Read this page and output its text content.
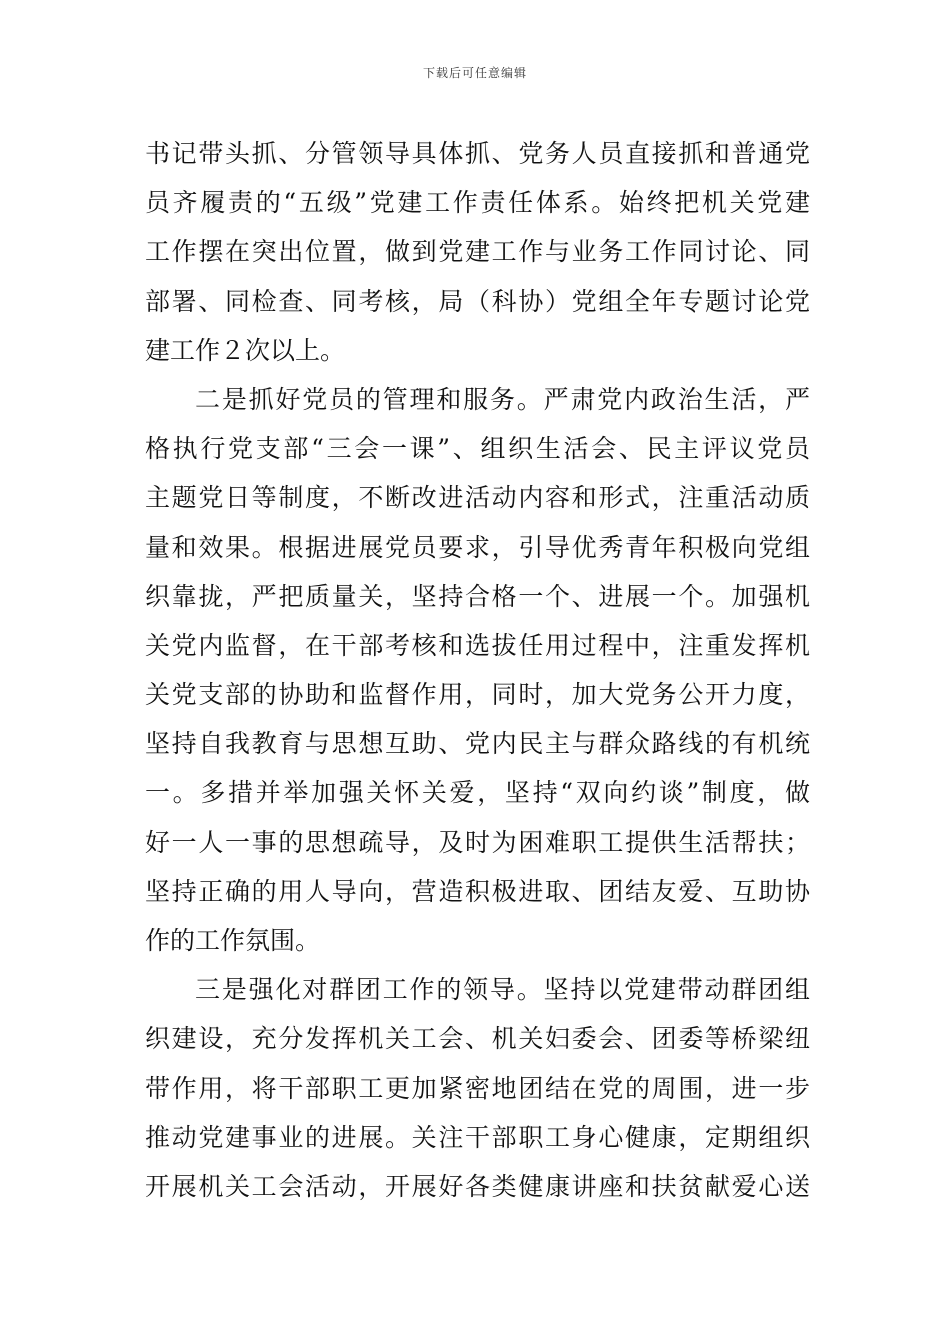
下载后可任意编辑
书记带头抓、分管领导具体抓、党务人员直接抓和普通党
员齐履责的“五级”党建工作责任体系。始终把机关党建
工作摆在突出位置，做到党建工作与业务工作同讨论、同
部署、同检查、同考核，局（科协）党组全年专题讨论党
建工作２次以上。
二是抓好党员的管理和服务。严肃党内政治生活，严
格执行党支部“三会一课”、组织生活会、民主评议党员
主题党日等制度，不断改进活动内容和形式，注重活动质
量和效果。根据进展党员要求，引导优秀青年积极向党组
织靠拢，严把质量关，坚持合格一个、进展一个。加强机
关党内监督，在干部考核和选拔任用过程中，注重发挥机
关党支部的协助和监督作用，同时，加大党务公开力度，
坚持自我教育与思想互助、党内民主与群众路线的有机统
一。多措并举加强关怀关爱，坚持“双向约谈”制度，做
好一人一事的思想疏导，及时为困难职工提供生活帮扶；
坚持正确的用人导向，营造积极进取、团结友爱、互助协
作的工作氛围。
三是强化对群团工作的领导。坚持以党建带动群团组
织建设，充分发挥机关工会、机关妇委会、团委等桥梁纽
带作用，将干部职工更加紧密地团结在党的周围，进一步
推动党建事业的进展。关注干部职工身心健康，定期组织
开展机关工会活动，开展好各类健康讲座和扶贫献爱心送
